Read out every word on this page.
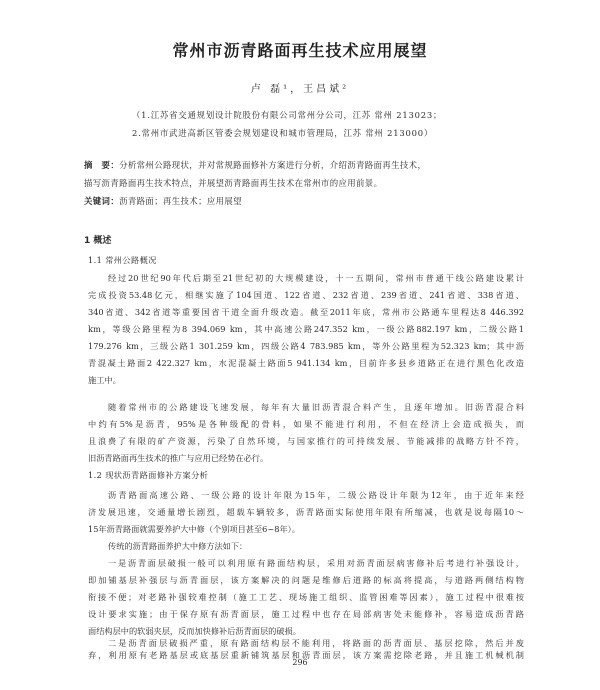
常州市沥青路面再生技术应用展望
卢 磊¹，王昌斌²
（1.江苏省交通规划设计院股份有限公司常州分公司，江苏 常州 213023；
2.常州市武进高新区管委会规划建设和城市管理局，江苏 常州 213000）
摘　要：分析常州公路现状，并对常规路面修补方案进行分析，介绍沥青路面再生技术，
描写沥青路面再生技术特点，并展望沥青路面再生技术在常州市的应用前景。
关键词：沥青路面；再生技术；应用展望
1 概述
1.1 常州公路概况
经过20世纪90年代后期至21世纪初的大规模建设，十一五期间，常州市普通干线公路建设累计
完成投资53.48亿元，相继实施了104国道、122省道、232省道、239省道、241省道、338省道、
340省道、342省道等重要国省干道全面升级改造。截至2011年底，常州市公路通车里程达8 446.392
km，等级公路里程为8 394.069 km，其中高速公路247.352 km，一级公路882.197 km，二级公路1
179.276 km，三级公路1 301.259 km，四级公路4 783.985 km，等外公路里程为52.323 km；其中沥
青混凝土路面2 422.327 km，水泥混凝土路面5 941.134 km，目前许多县乡道路正在进行黑色化改造
施工中。
随着常州市的公路建设飞速发展，每年有大量旧沥青混合料产生，且逐年增加。旧沥青混合料
中约有5%是沥青，95%是各种级配的骨料，如果不能进行利用，不但在经济上会造成损失，而
且浪费了有限的矿产资源，污染了自然环境，与国家推行的可持续发展、节能减排的战略方针不符，
旧沥青路面再生技术的推广与应用已经势在必行。
1.2 现状沥青路面修补方案分析
沥青路面高速公路、一级公路的设计年限为15年，二级公路设计年限为12年，由于近年来经
济发展迅速，交通量增长剧烈，超载车辆较多，沥青路面实际使用年限有所缩减，也就是说每隔10～
15年沥青路面就需要养护大中修（个别项目甚至6~8年）。
传统的沥青路面养护大中修方法如下：
一是沥青面层破损一般可以利用原有路面结构层，采用对沥青面层病害修补后考进行补强设计，
即加铺基层补强层与沥青面层，该方案解决的问题是维修后道路的标高将提高，与道路两侧结构物
衔接不便；对老路补强较难控制（施工工艺、现场施工组织、监管困难等因素），施工过程中很难按
设计要求实施；由于保存原有沥青面层，施工过程中也存在局部病害处未能修补，容易造成沥青路
面结构层中的软弱夹层，反而加快修补后沥青面层的破损。
二是沥青面层破损严重，原有路面结构层不能利用，将路面的沥青面层、基层挖除，然后并废
弃，利用原有老路基层或底基层重新铺筑基层和沥青面层，该方案需挖除老路，并且施工机械机制
296
